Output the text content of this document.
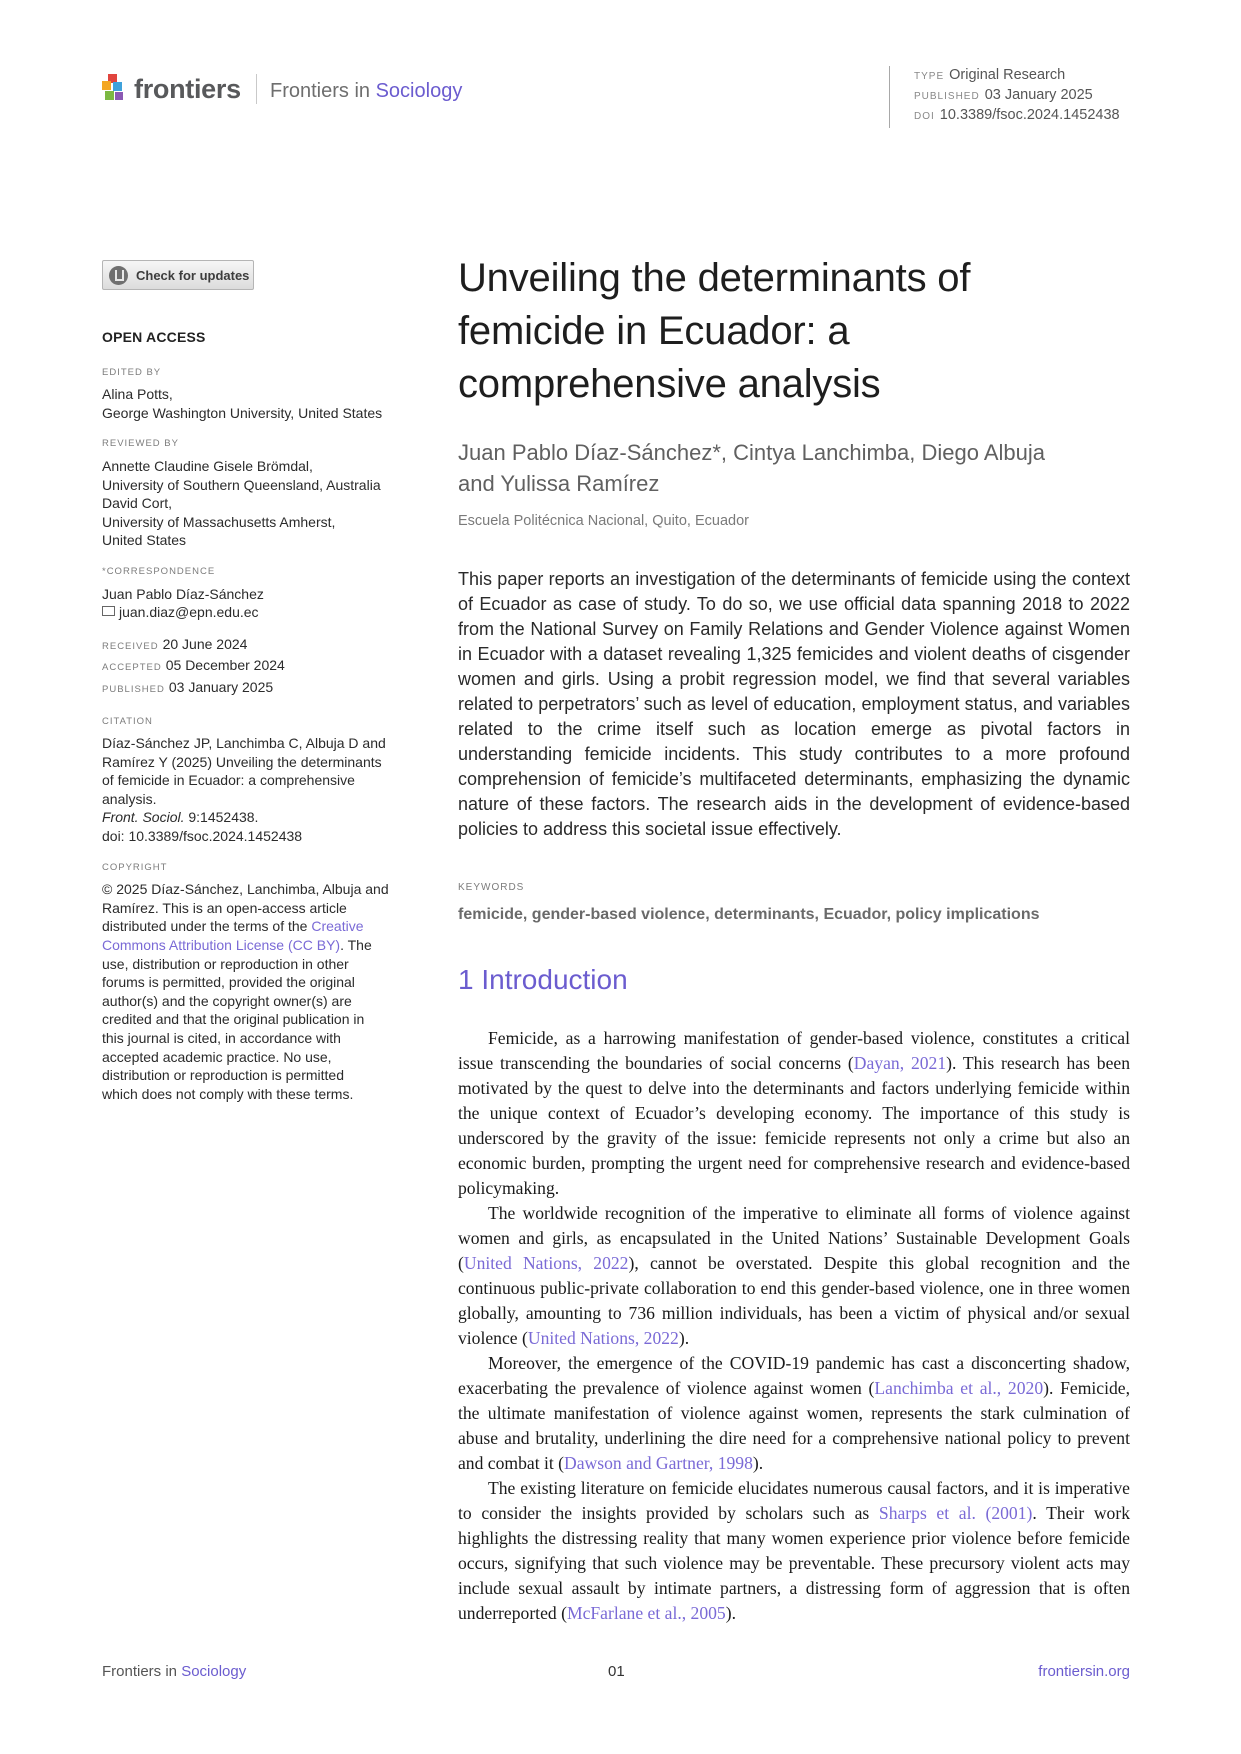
frontiers Frontiers in Sociology
TYPE Original Research
PUBLISHED 03 January 2025
DOI 10.3389/fsoc.2024.1452438
Check for updates
OPEN ACCESS
EDITED BY
Alina Potts,
George Washington University, United States
REVIEWED BY
Annette Claudine Gisele Brömdal,
University of Southern Queensland, Australia
David Cort,
University of Massachusetts Amherst,
United States
*CORRESPONDENCE
Juan Pablo Díaz-Sánchez
juan.diaz@epn.edu.ec
RECEIVED 20 June 2024
ACCEPTED 05 December 2024
PUBLISHED 03 January 2025
CITATION
Díaz-Sánchez JP, Lanchimba C, Albuja D and
Ramírez Y (2025) Unveiling the determinants
of femicide in Ecuador: a comprehensive
analysis.
Front. Sociol. 9:1452438.
doi: 10.3389/fsoc.2024.1452438
COPYRIGHT
© 2025 Díaz-Sánchez, Lanchimba, Albuja and
Ramírez. This is an open-access article
distributed under the terms of the Creative
Commons Attribution License (CC BY). The
use, distribution or reproduction in other
forums is permitted, provided the original
author(s) and the copyright owner(s) are
credited and that the original publication in
this journal is cited, in accordance with
accepted academic practice. No use,
distribution or reproduction is permitted
which does not comply with these terms.
Unveiling the determinants of
femicide in Ecuador: a
comprehensive analysis
Juan Pablo Díaz-Sánchez*, Cintya Lanchimba, Diego Albuja
and Yulissa Ramírez
Escuela Politécnica Nacional, Quito, Ecuador
This paper reports an investigation of the determinants of femicide using the context of Ecuador as case of study. To do so, we use official data spanning 2018 to 2022 from the National Survey on Family Relations and Gender Violence against Women in Ecuador with a dataset revealing 1,325 femicides and violent deaths of cisgender women and girls. Using a probit regression model, we find that several variables related to perpetrators’ such as level of education, employment status, and variables related to the crime itself such as location emerge as pivotal factors in understanding femicide incidents. This study contributes to a more profound comprehension of femicide’s multifaceted determinants, emphasizing the dynamic nature of these factors. The research aids in the development of evidence-based policies to address this societal issue effectively.
KEYWORDS
femicide, gender-based violence, determinants, Ecuador, policy implications
1 Introduction

Femicide, as a harrowing manifestation of gender-based violence, constitutes a critical issue transcending the boundaries of social concerns (Dayan, 2021). This research has been motivated by the quest to delve into the determinants and factors underlying femicide within the unique context of Ecuador’s developing economy. The importance of this study is underscored by the gravity of the issue: femicide represents not only a crime but also an economic burden, prompting the urgent need for comprehensive research and evidence-based policymaking.

The worldwide recognition of the imperative to eliminate all forms of violence against women and girls, as encapsulated in the United Nations’ Sustainable Development Goals (United Nations, 2022), cannot be overstated. Despite this global recognition and the continuous public-private collaboration to end this gender-based violence, one in three women globally, amounting to 736 million individuals, has been a victim of physical and/or sexual violence (United Nations, 2022).

Moreover, the emergence of the COVID-19 pandemic has cast a disconcerting shadow, exacerbating the prevalence of violence against women (Lanchimba et al., 2020). Femicide, the ultimate manifestation of violence against women, represents the stark culmination of abuse and brutality, underlining the dire need for a comprehensive national policy to prevent and combat it (Dawson and Gartner, 1998).

The existing literature on femicide elucidates numerous causal factors, and it is imperative to consider the insights provided by scholars such as Sharps et al. (2001). Their work highlights the distressing reality that many women experience prior violence before femicide occurs, signifying that such violence may be preventable. These precursory violent acts may include sexual assault by intimate partners, a distressing form of aggression that is often underreported (McFarlane et al., 2005).

Frontiers in Sociology	01	frontiersin.org
